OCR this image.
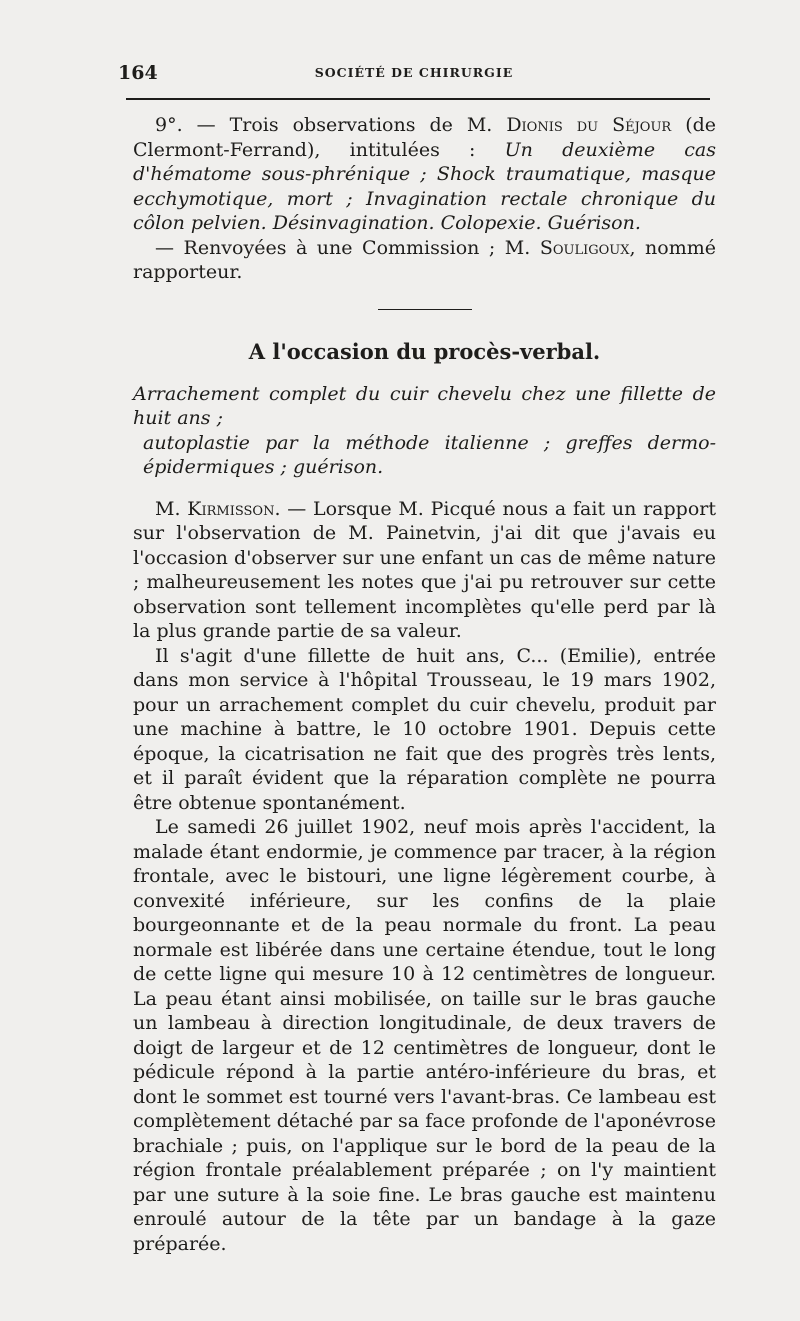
164	SOCIÉTÉ DE CHIRURGIE

9°. — Trois observations de M. Dionis du Séjour (de Clermont-Ferrand), intitulées : Un deuxième cas d'hématome sous-phrénique ; Shock traumatique, masque ecchymotique, mort ; Invagination rectale chronique du côlon pelvien. Désinvagination. Colopexie. Guérison.

— Renvoyées à une Commission ; M. Souligoux, nommé rapporteur.

A l'occasion du procès-verbal.

Arrachement complet du cuir chevelu chez une fillette de huit ans ;
autoplastie par la méthode italienne ; greffes dermo-épidermiques ; guérison.

M. Kirmisson. — Lorsque M. Picqué nous a fait un rapport sur l'observation de M. Painetvin, j'ai dit que j'avais eu l'occasion d'observer sur une enfant un cas de même nature ; malheureusement les notes que j'ai pu retrouver sur cette observation sont tellement incomplètes qu'elle perd par là la plus grande partie de sa valeur.

Il s'agit d'une fillette de huit ans, C... (Emilie), entrée dans mon service à l'hôpital Trousseau, le 19 mars 1902, pour un arrachement complet du cuir chevelu, produit par une machine à battre, le 10 octobre 1901. Depuis cette époque, la cicatrisation ne fait que des progrès très lents, et il paraît évident que la réparation complète ne pourra être obtenue spontanément.

Le samedi 26 juillet 1902, neuf mois après l'accident, la malade étant endormie, je commence par tracer, à la région frontale, avec le bistouri, une ligne légèrement courbe, à convexité inférieure, sur les confins de la plaie bourgeonnante et de la peau normale du front. La peau normale est libérée dans une certaine étendue, tout le long de cette ligne qui mesure 10 à 12 centimètres de longueur. La peau étant ainsi mobilisée, on taille sur le bras gauche un lambeau à direction longitudinale, de deux travers de doigt de largeur et de 12 centimètres de longueur, dont le pédicule répond à la partie antéro-inférieure du bras, et dont le sommet est tourné vers l'avant-bras. Ce lambeau est complètement détaché par sa face profonde de l'aponévrose brachiale ; puis, on l'applique sur le bord de la peau de la région frontale préalablement préparée ; on l'y maintient par une suture à la soie fine. Le bras gauche est maintenu enroulé autour de la tête par un bandage à la gaze préparée.
